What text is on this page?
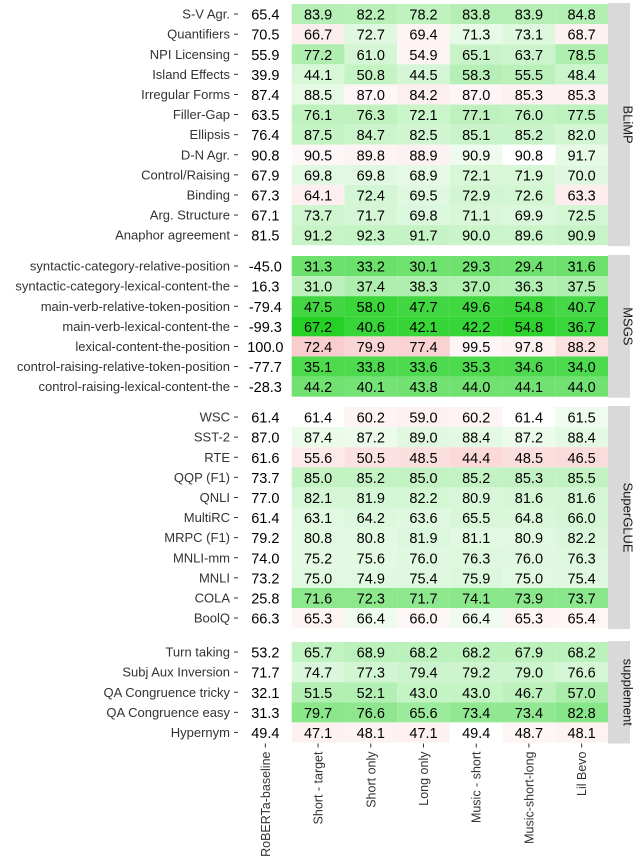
S-V Agr. 65.4 83.9 82.2 78.2 83.8 83.9 84.8
Quantifiers 70.5 66.7 72.7 69.4 71.3 73.1 68.7
NPI Licensing 55.9 77.2 61.0 54.9 65.1 63.7 78.5
Island Effects 39.9 44.1 50.8 44.5 58.3 55.5 48.4
Irregular Forms 87.4 88.5 87.0 84.2 87.0 85.3 85.3
Filler-Gap 63.5 76.1 76.3 72.1 77.1 76.0 77.5
Ellipsis 76.4 87.5 84.7 82.5 85.1 85.2 82.0
D-N Agr. 90.8 90.5 89.8 88.9 90.9 90.8 91.7
Control/Raising 67.9 69.8 69.8 68.9 72.1 71.9 70.0
Binding 67.3 64.1 72.4 69.5 72.9 72.6 63.3
Arg. Structure 67.1 73.7 71.7 69.8 71.1 69.9 72.5
Anaphor agreement 81.5 91.2 92.3 91.7 90.0 89.6 90.9
BLiMP
syntactic-category-relative-position -45.0 31.3 33.2 30.1 29.3 29.4 31.6
syntactic-category-lexical-content-the 16.3 31.0 37.4 38.3 37.0 36.3 37.5
main-verb-relative-token-position -79.4 47.5 58.0 47.7 49.6 54.8 40.7
main-verb-lexical-content-the -99.3 67.2 40.6 42.1 42.2 54.8 36.7
lexical-content-the-position 100.0 72.4 79.9 77.4 99.5 97.8 88.2
control-raising-relative-token-position -77.7 35.1 33.8 33.6 35.3 34.6 34.0
control-raising-lexical-content-the -28.3 44.2 40.1 43.8 44.0 44.1 44.0
MSGS
WSC 61.4 61.4 60.2 59.0 60.2 61.4 61.5
SST-2 87.0 87.4 87.2 89.0 88.4 87.2 88.4
RTE 61.6 55.6 50.5 48.5 44.4 48.5 46.5
QQP (F1) 73.7 85.0 85.2 85.0 85.2 85.3 85.5
QNLI 77.0 82.1 81.9 82.2 80.9 81.6 81.6
MultiRC 61.4 63.1 64.2 63.6 65.5 64.8 66.0
MRPC (F1) 79.2 80.8 80.8 81.9 81.1 80.9 82.2
MNLI-mm 74.0 75.2 75.6 76.0 76.3 76.0 76.3
MNLI 73.2 75.0 74.9 75.4 75.9 75.0 75.4
COLA 25.8 71.6 72.3 71.7 74.1 73.9 73.7
BoolQ 66.3 65.3 66.4 66.0 66.4 65.3 65.4
SuperGLUE
Turn taking 53.2 65.7 68.9 68.2 68.2 67.9 68.2
Subj Aux Inversion 71.7 74.7 77.3 79.4 79.2 79.0 76.6
QA Congruence tricky 32.1 51.5 52.1 43.0 43.0 46.7 57.0
QA Congruence easy 31.3 79.7 76.6 65.6 73.4 73.4 82.8
Hypernym 49.4 47.1 48.1 47.1 49.4 48.7 48.1
supplement
RoBERTa-baseline	Short - target	Short only	Long only	Music - short	Music-short-long	Lil Bevo
